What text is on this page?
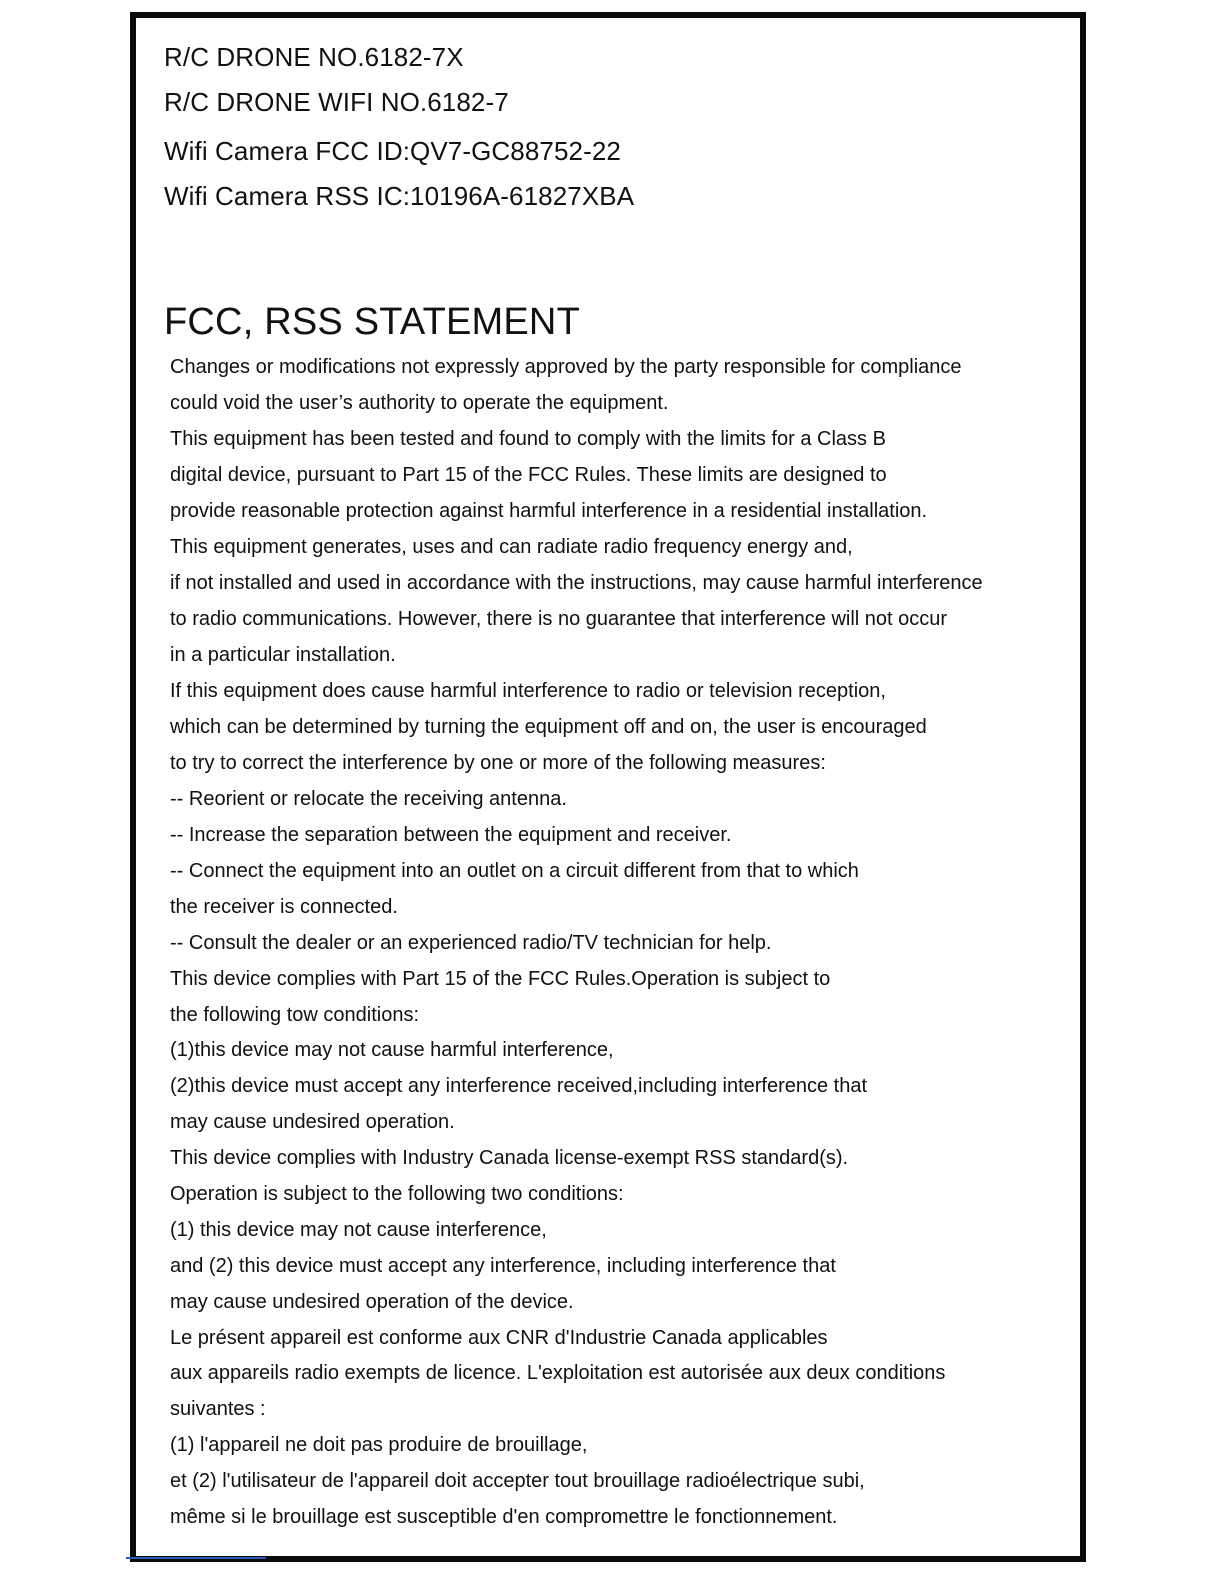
R/C DRONE NO.6182-7X
R/C DRONE WIFI NO.6182-7
Wifi Camera FCC ID:QV7-GC88752-22
Wifi Camera RSS IC:10196A-61827XBA
FCC, RSS STATEMENT
Changes or modifications not expressly approved by the party responsible for compliance
could void the user’s authority to operate the equipment.
This equipment has been tested and found to comply with the limits for a Class B
digital device, pursuant to Part 15 of the FCC Rules. These limits are designed to
provide reasonable protection against harmful interference in a residential installation.
This equipment generates, uses and can radiate radio frequency energy and,
if not installed and used in accordance with the instructions, may cause harmful interference
to radio communications. However, there is no guarantee that interference will not occur
in a particular installation.
If this equipment does cause harmful interference to radio or television reception,
which can be determined by turning the equipment off and on, the user is encouraged
to try to correct the interference by one or more of the following measures:
-- Reorient or relocate the receiving antenna.
-- Increase the separation between the equipment and receiver.
-- Connect the equipment into an outlet on a circuit different from that to which
the receiver is connected.
-- Consult the dealer or an experienced radio/TV technician for help.
This device complies with Part 15 of the FCC Rules.Operation is subject to
the following tow conditions:
(1)this device may not cause harmful interference,
(2)this device must accept any interference received,including interference that
may cause undesired operation.
This device complies with Industry Canada license-exempt RSS standard(s).
Operation is subject to the following two conditions:
(1) this device may not cause interference,
and (2) this device must accept any interference, including interference that
may cause undesired operation of the device.
Le présent appareil est conforme aux CNR d'Industrie Canada applicables
aux appareils radio exempts de licence. L'exploitation est autorisée aux deux conditions
suivantes :
(1) l'appareil ne doit pas produire de brouillage,
et (2) l'utilisateur de l'appareil doit accepter tout brouillage radioélectrique subi,
même si le brouillage est susceptible d'en compromettre le fonctionnement.
